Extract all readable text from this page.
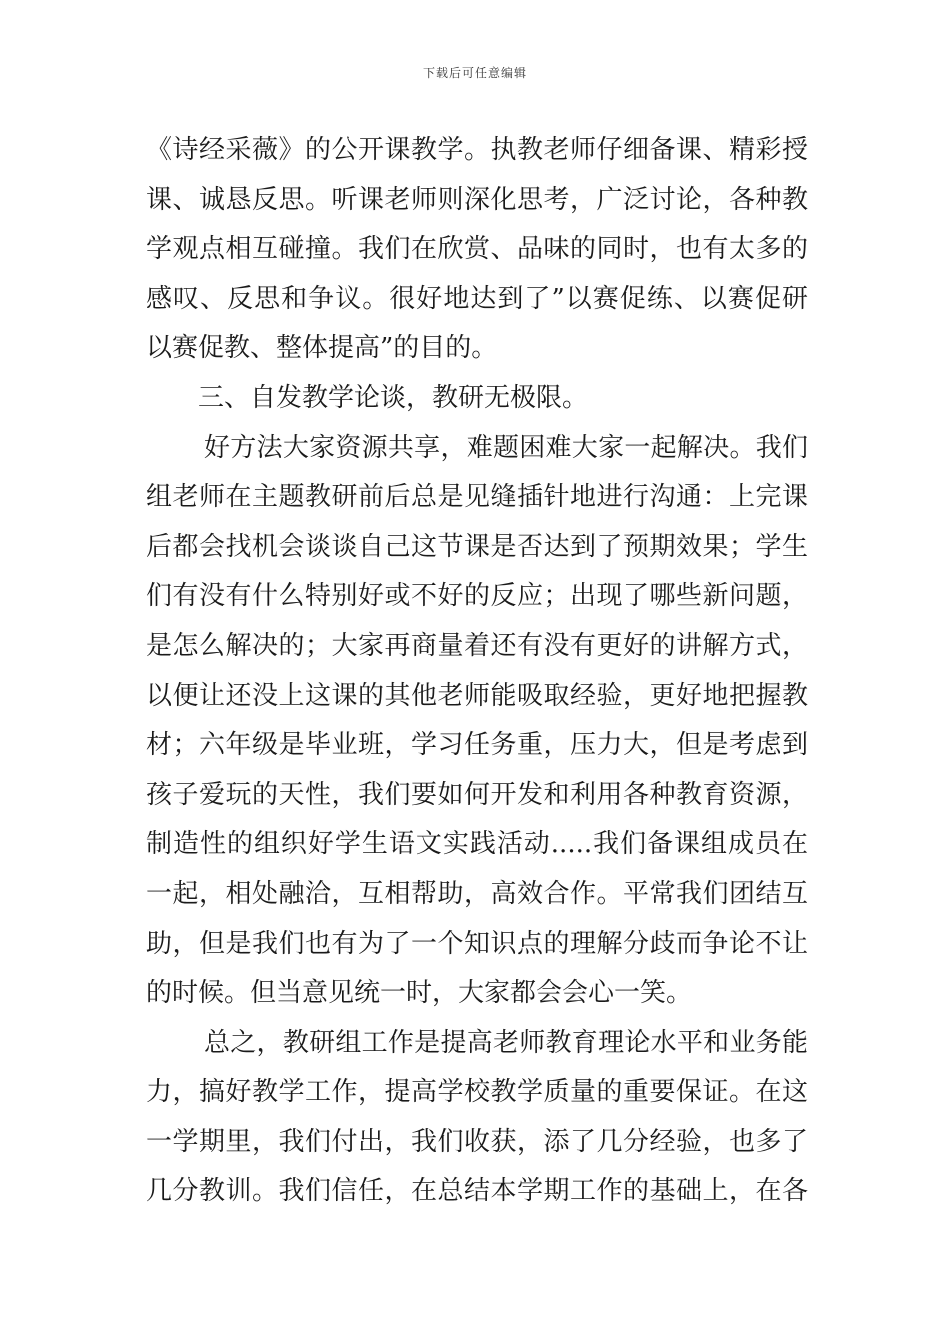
下载后可任意编辑
《诗经采薇》的公开课教学。执教老师仔细备课、精彩授
课、诚恳反思。听课老师则深化思考，广泛讨论，各种教
学观点相互碰撞。我们在欣赏、品味的同时，也有太多的
感叹、反思和争议。很好地达到了”以赛促练、以赛促研
以赛促教、整体提高”的目的。
三、自发教学论谈，教研无极限。
好方法大家资源共享，难题困难大家一起解决。我们
组老师在主题教研前后总是见缝插针地进行沟通：上完课
后都会找机会谈谈自己这节课是否达到了预期效果；学生
们有没有什么特别好或不好的反应；出现了哪些新问题，
是怎么解决的；大家再商量着还有没有更好的讲解方式，
以便让还没上这课的其他老师能吸取经验，更好地把握教
材；六年级是毕业班，学习任务重，压力大，但是考虑到
孩子爱玩的天性，我们要如何开发和利用各种教育资源，
制造性的组织好学生语文实践活动.....我们备课组成员在
一起，相处融洽，互相帮助，高效合作。平常我们团结互
助，但是我们也有为了一个知识点的理解分歧而争论不让
的时候。但当意见统一时，大家都会会心一笑。
总之，教研组工作是提高老师教育理论水平和业务能
力，搞好教学工作，提高学校教学质量的重要保证。在这
一学期里，我们付出，我们收获，添了几分经验，也多了
几分教训。我们信任，在总结本学期工作的基础上，在各
